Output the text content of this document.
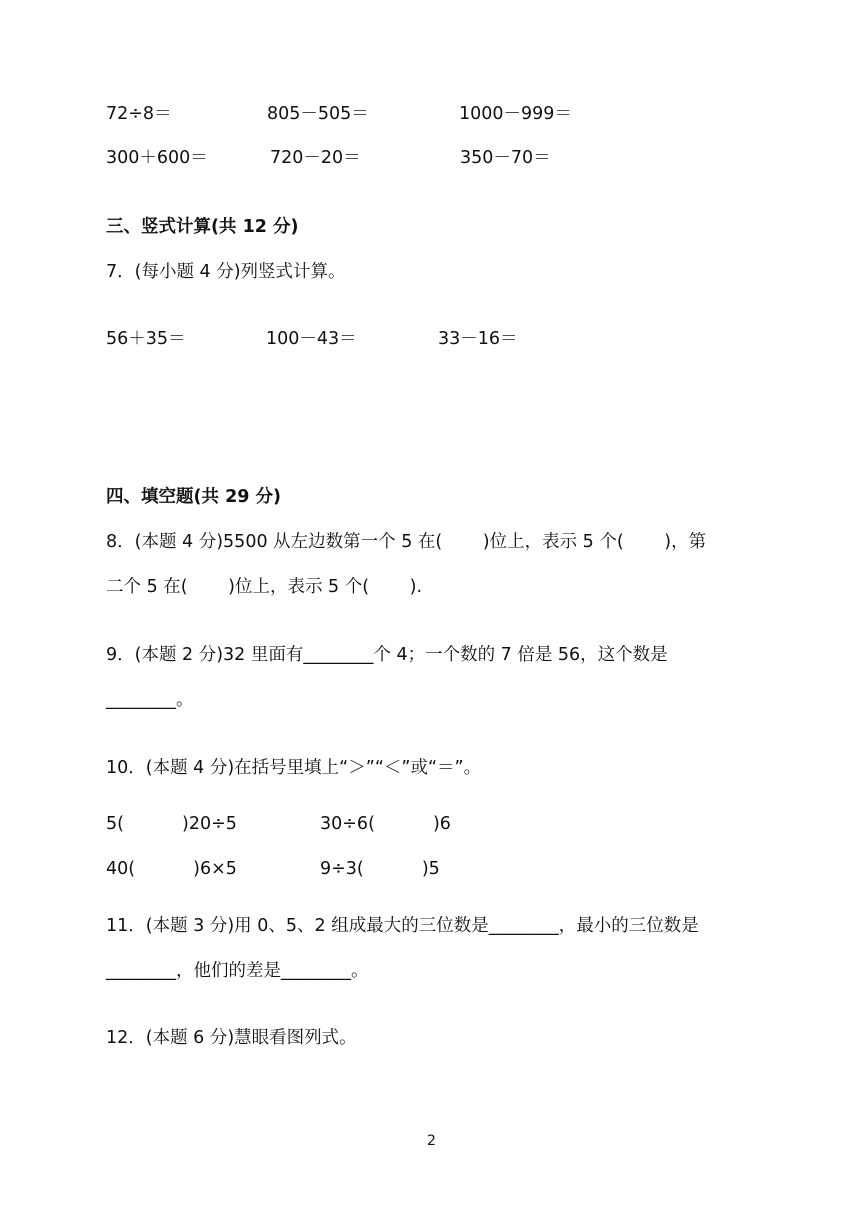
72÷8＝	805－505＝	1000－999＝
300＋600＝	720－20＝	350－70＝
三、竖式计算(共 12 分)
7．(每小题 4 分)列竖式计算。
56＋35＝	100－43＝	33－16＝
四、填空题(共 29 分)
8．(本题 4 分)5500 从左边数第一个 5 在(　　 )位上，表示 5 个(　　 )，第
二个 5 在(　　 )位上，表示 5 个(　　 ).
9．(本题 2 分)32 里面有________个 4；一个数的 7 倍是 56，这个数是
________。
10．(本题 4 分)在括号里填上“＞”“＜”或“＝”。
5(　　　 )20÷5	30÷6(　　　 )6
40(　　　 )6×5	9÷3(　　　 )5
11．(本题 3 分)用 0、5、2 组成最大的三位数是________，最小的三位数是
________，他们的差是________。
12．(本题 6 分)慧眼看图列式。
2
